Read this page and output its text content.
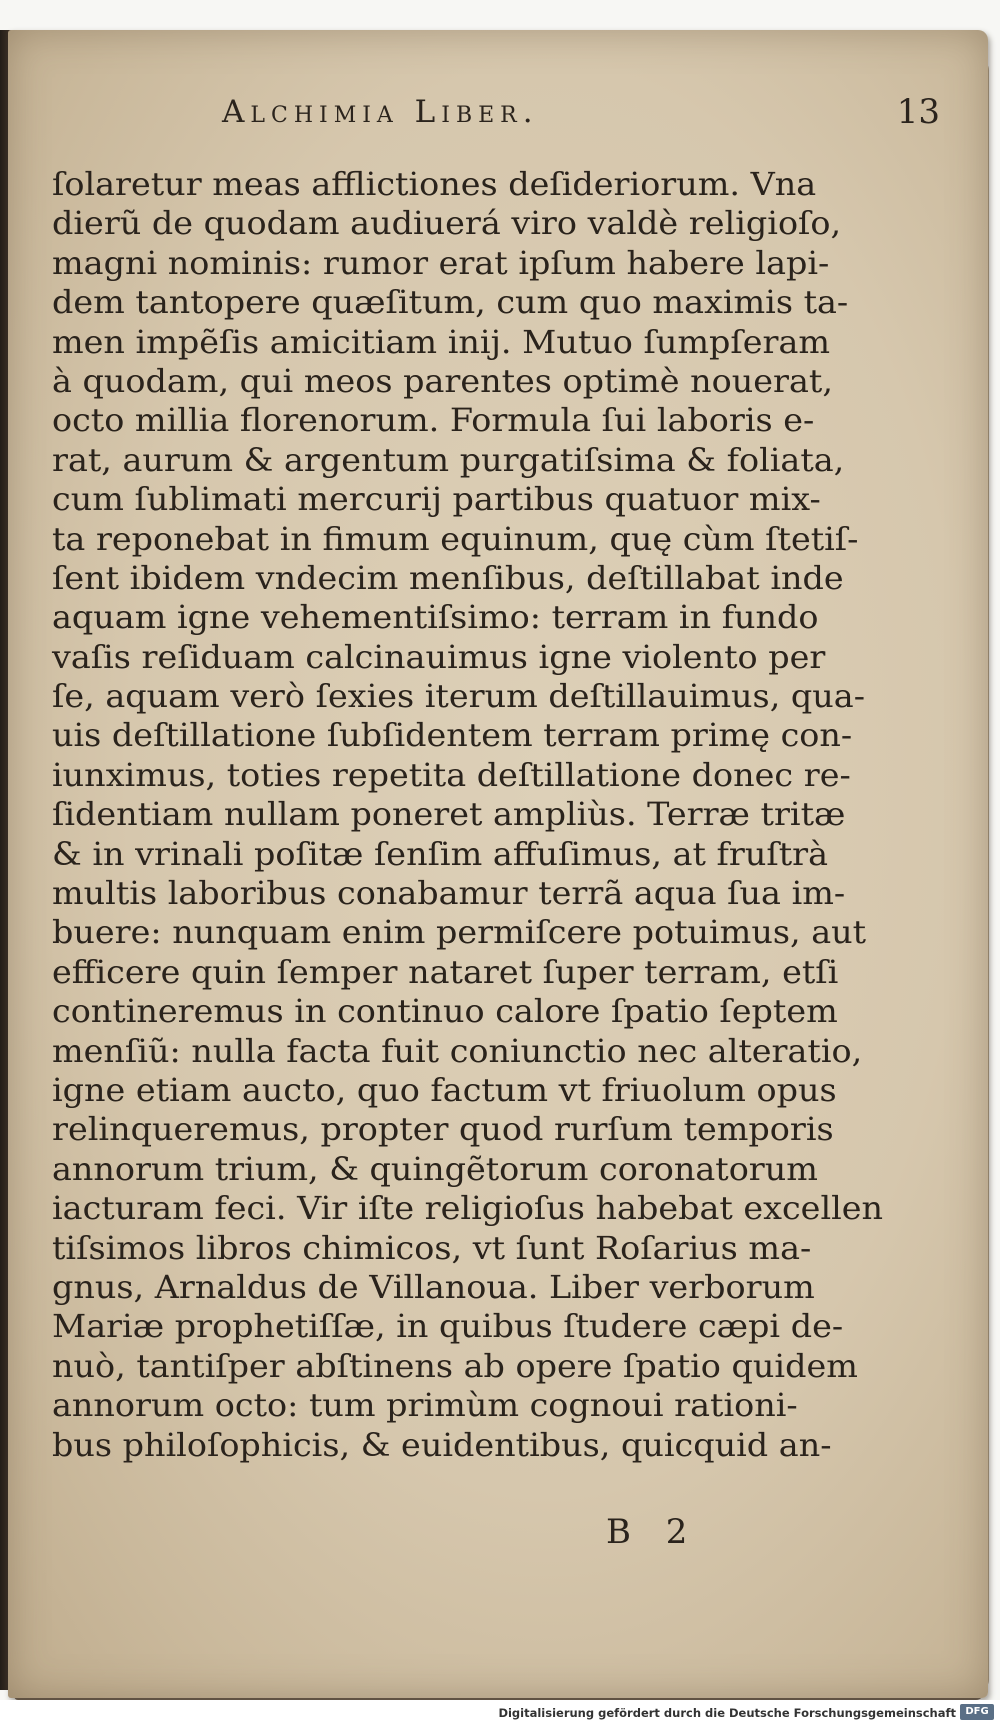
Alchimia Liber.	13
ſolaretur meas afflictiones deſideriorum. Vna
dierũ de quodam audiuerá viro valdè religioſo,
magni nominis: rumor erat ipſum habere lapi-
dem tantopere quæſitum, cum quo maximis ta-
men impẽſis amicitiam inij. Mutuo ſumpſeram
à quodam, qui meos parentes optimè nouerat,
octo millia florenorum. Formula ſui laboris e-
rat, aurum & argentum purgatiſsima & foliata,
cum ſublimati mercurij partibus quatuor mix-
ta reponebat in fimum equinum, quę cùm ſtetiſ-
ſent ibidem vndecim menſibus, deſtillabat inde
aquam igne vehementiſsimo: terram in fundo
vaſis reſiduam calcinauimus igne violento per
ſe, aquam verò ſexies iterum deſtillauimus, qua-
uis deſtillatione ſubſidentem terram primę con-
iunximus, toties repetita deſtillatione donec re-
ſidentiam nullam poneret ampliùs. Terræ tritæ
& in vrinali poſitæ ſenſim affuſimus, at fruſtrà
multis laboribus conabamur terrã aqua ſua im-
buere: nunquam enim permiſcere potuimus, aut
efficere quin ſemper nataret ſuper terram, etſi
contineremus in continuo calore ſpatio ſeptem
menſiũ: nulla facta fuit coniunctio nec alteratio,
igne etiam aucto, quo factum vt friuolum opus
relinqueremus, propter quod rurſum temporis
annorum trium, & quingẽtorum coronatorum
iacturam feci. Vir iſte religioſus habebat excellen
tiſsimos libros chimicos, vt ſunt Roſarius ma-
gnus, Arnaldus de Villanoua. Liber verborum
Mariæ prophetiſſæ, in quibus ſtudere cæpi de-
nuò, tantiſper abſtinens ab opere ſpatio quidem
annorum octo: tum primùm cognoui rationi-
bus philoſophicis, & euidentibus, quicquid an-
B 2
Digitalisierung gefördert durch die Deutsche Forschungsgemeinschaft DFG
